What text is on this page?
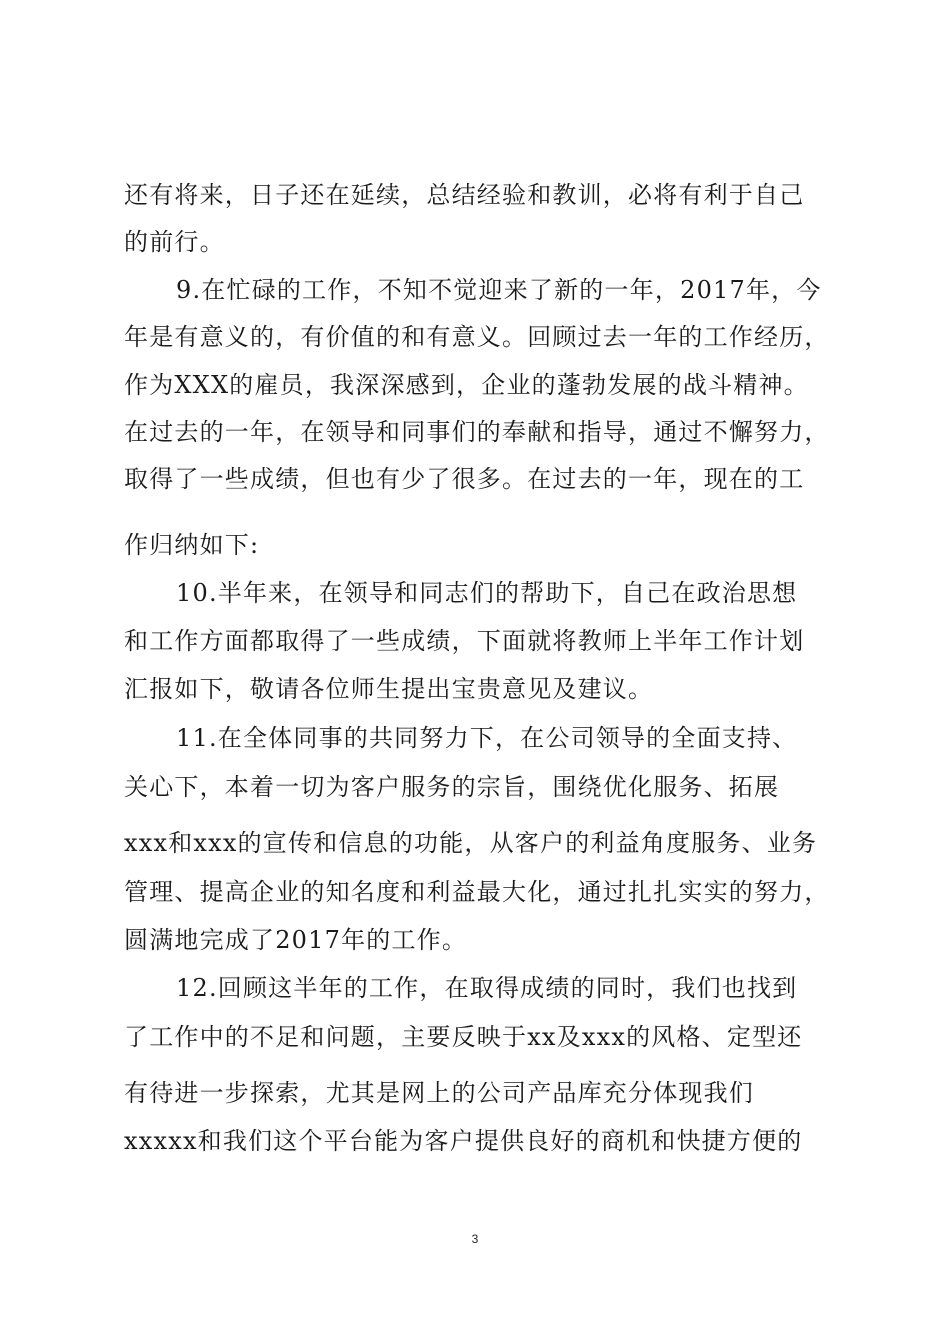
还有将来，日子还在延续，总结经验和教训，必将有利于自己
的前行。
9.在忙碌的工作，不知不觉迎来了新的一年，2017年，今
年是有意义的，有价值的和有意义。回顾过去一年的工作经历，
作为XXX的雇员，我深深感到，企业的蓬勃发展的战斗精神。
在过去的一年，在领导和同事们的奉献和指导，通过不懈努力，
取得了一些成绩，但也有少了很多。在过去的一年，现在的工
作归纳如下:
10.半年来，在领导和同志们的帮助下，自己在政治思想
和工作方面都取得了一些成绩，下面就将教师上半年工作计划
汇报如下，敬请各位师生提出宝贵意见及建议。
11.在全体同事的共同努力下，在公司领导的全面支持、
关心下，本着一切为客户服务的宗旨，围绕优化服务、拓展
xxx和xxx的宣传和信息的功能，从客户的利益角度服务、业务
管理、提高企业的知名度和利益最大化，通过扎扎实实的努力，
圆满地完成了2017年的工作。
12.回顾这半年的工作，在取得成绩的同时，我们也找到
了工作中的不足和问题，主要反映于xx及xxx的风格、定型还
有待进一步探索，尤其是网上的公司产品库充分体现我们
xxxxx和我们这个平台能为客户提供良好的商机和快捷方便的
3
